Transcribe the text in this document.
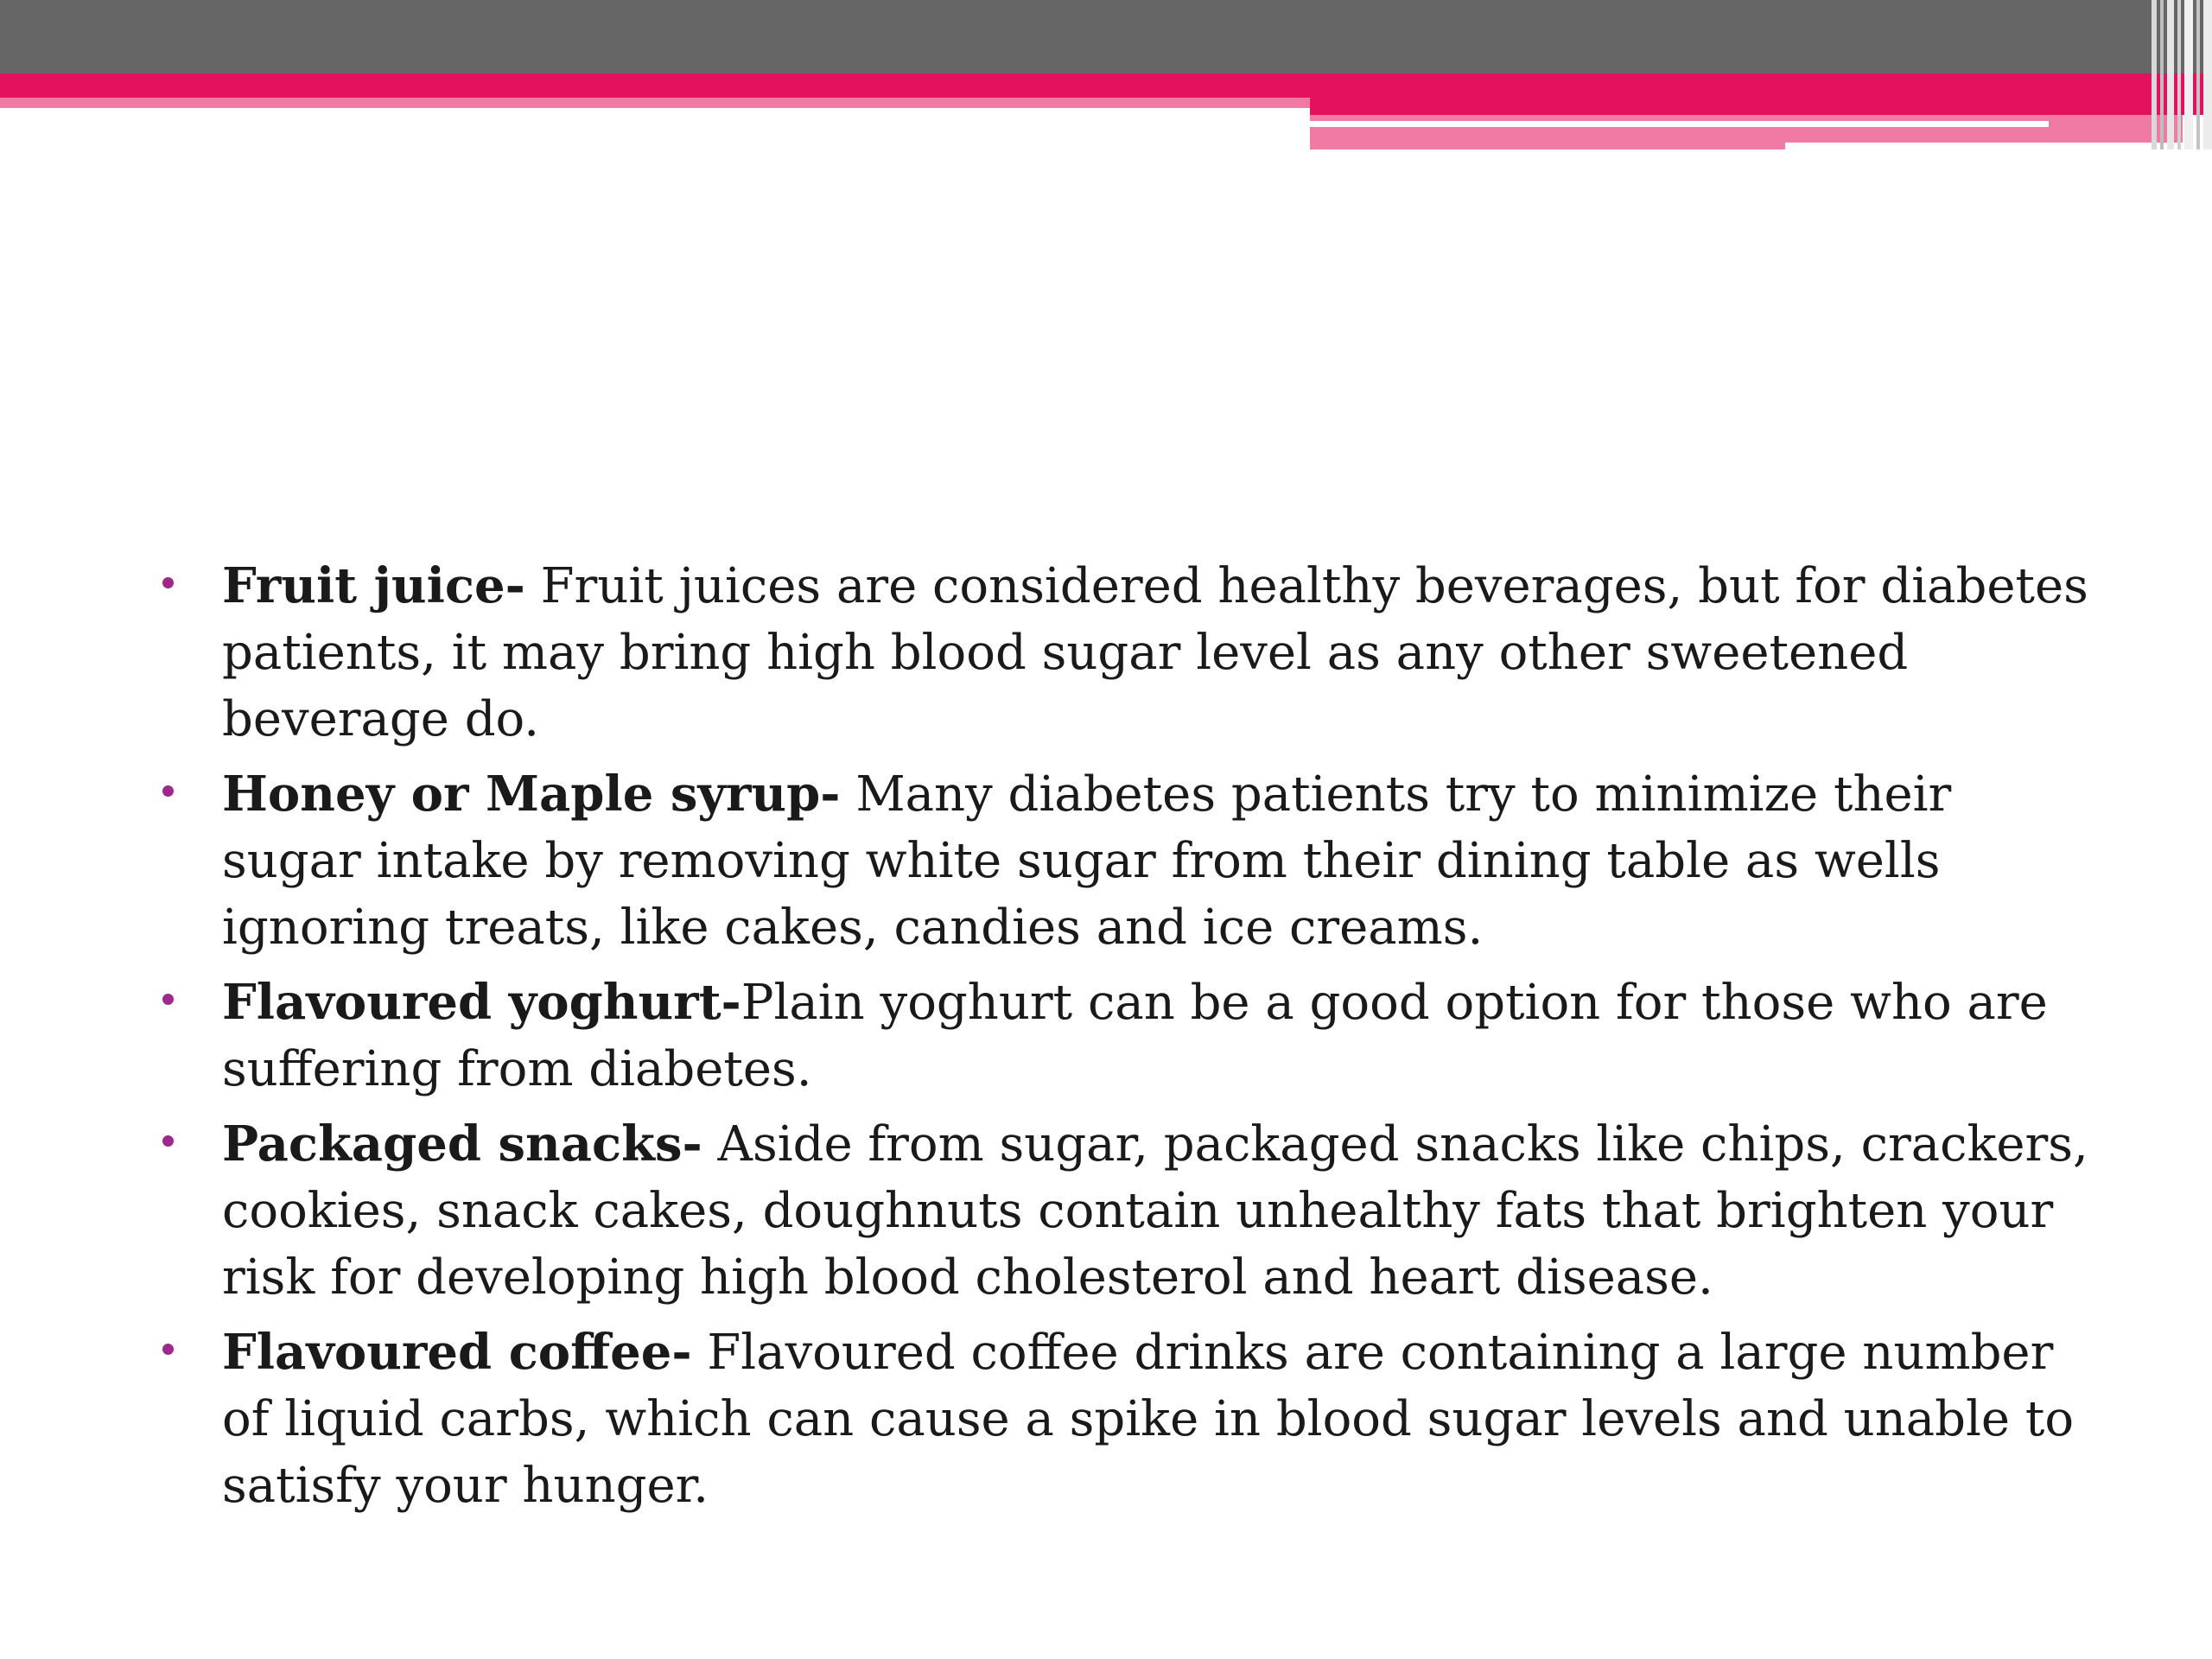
Fruit juice- Fruit juices are considered healthy beverages, but for diabetes patients, it may bring high blood sugar level as any other sweetened beverage do.
Honey or Maple syrup- Many diabetes patients try to minimize their sugar intake by removing white sugar from their dining table as wells ignoring treats, like cakes, candies and ice creams.
Flavoured yoghurt-Plain yoghurt can be a good option for those who are suffering from diabetes.
Packaged snacks- Aside from sugar, packaged snacks like chips, crackers, cookies, snack cakes, doughnuts contain unhealthy fats that brighten your risk for developing high blood cholesterol and heart disease.
Flavoured coffee- Flavoured coffee drinks are containing a large number of liquid carbs, which can cause a spike in blood sugar levels and unable to satisfy your hunger.
